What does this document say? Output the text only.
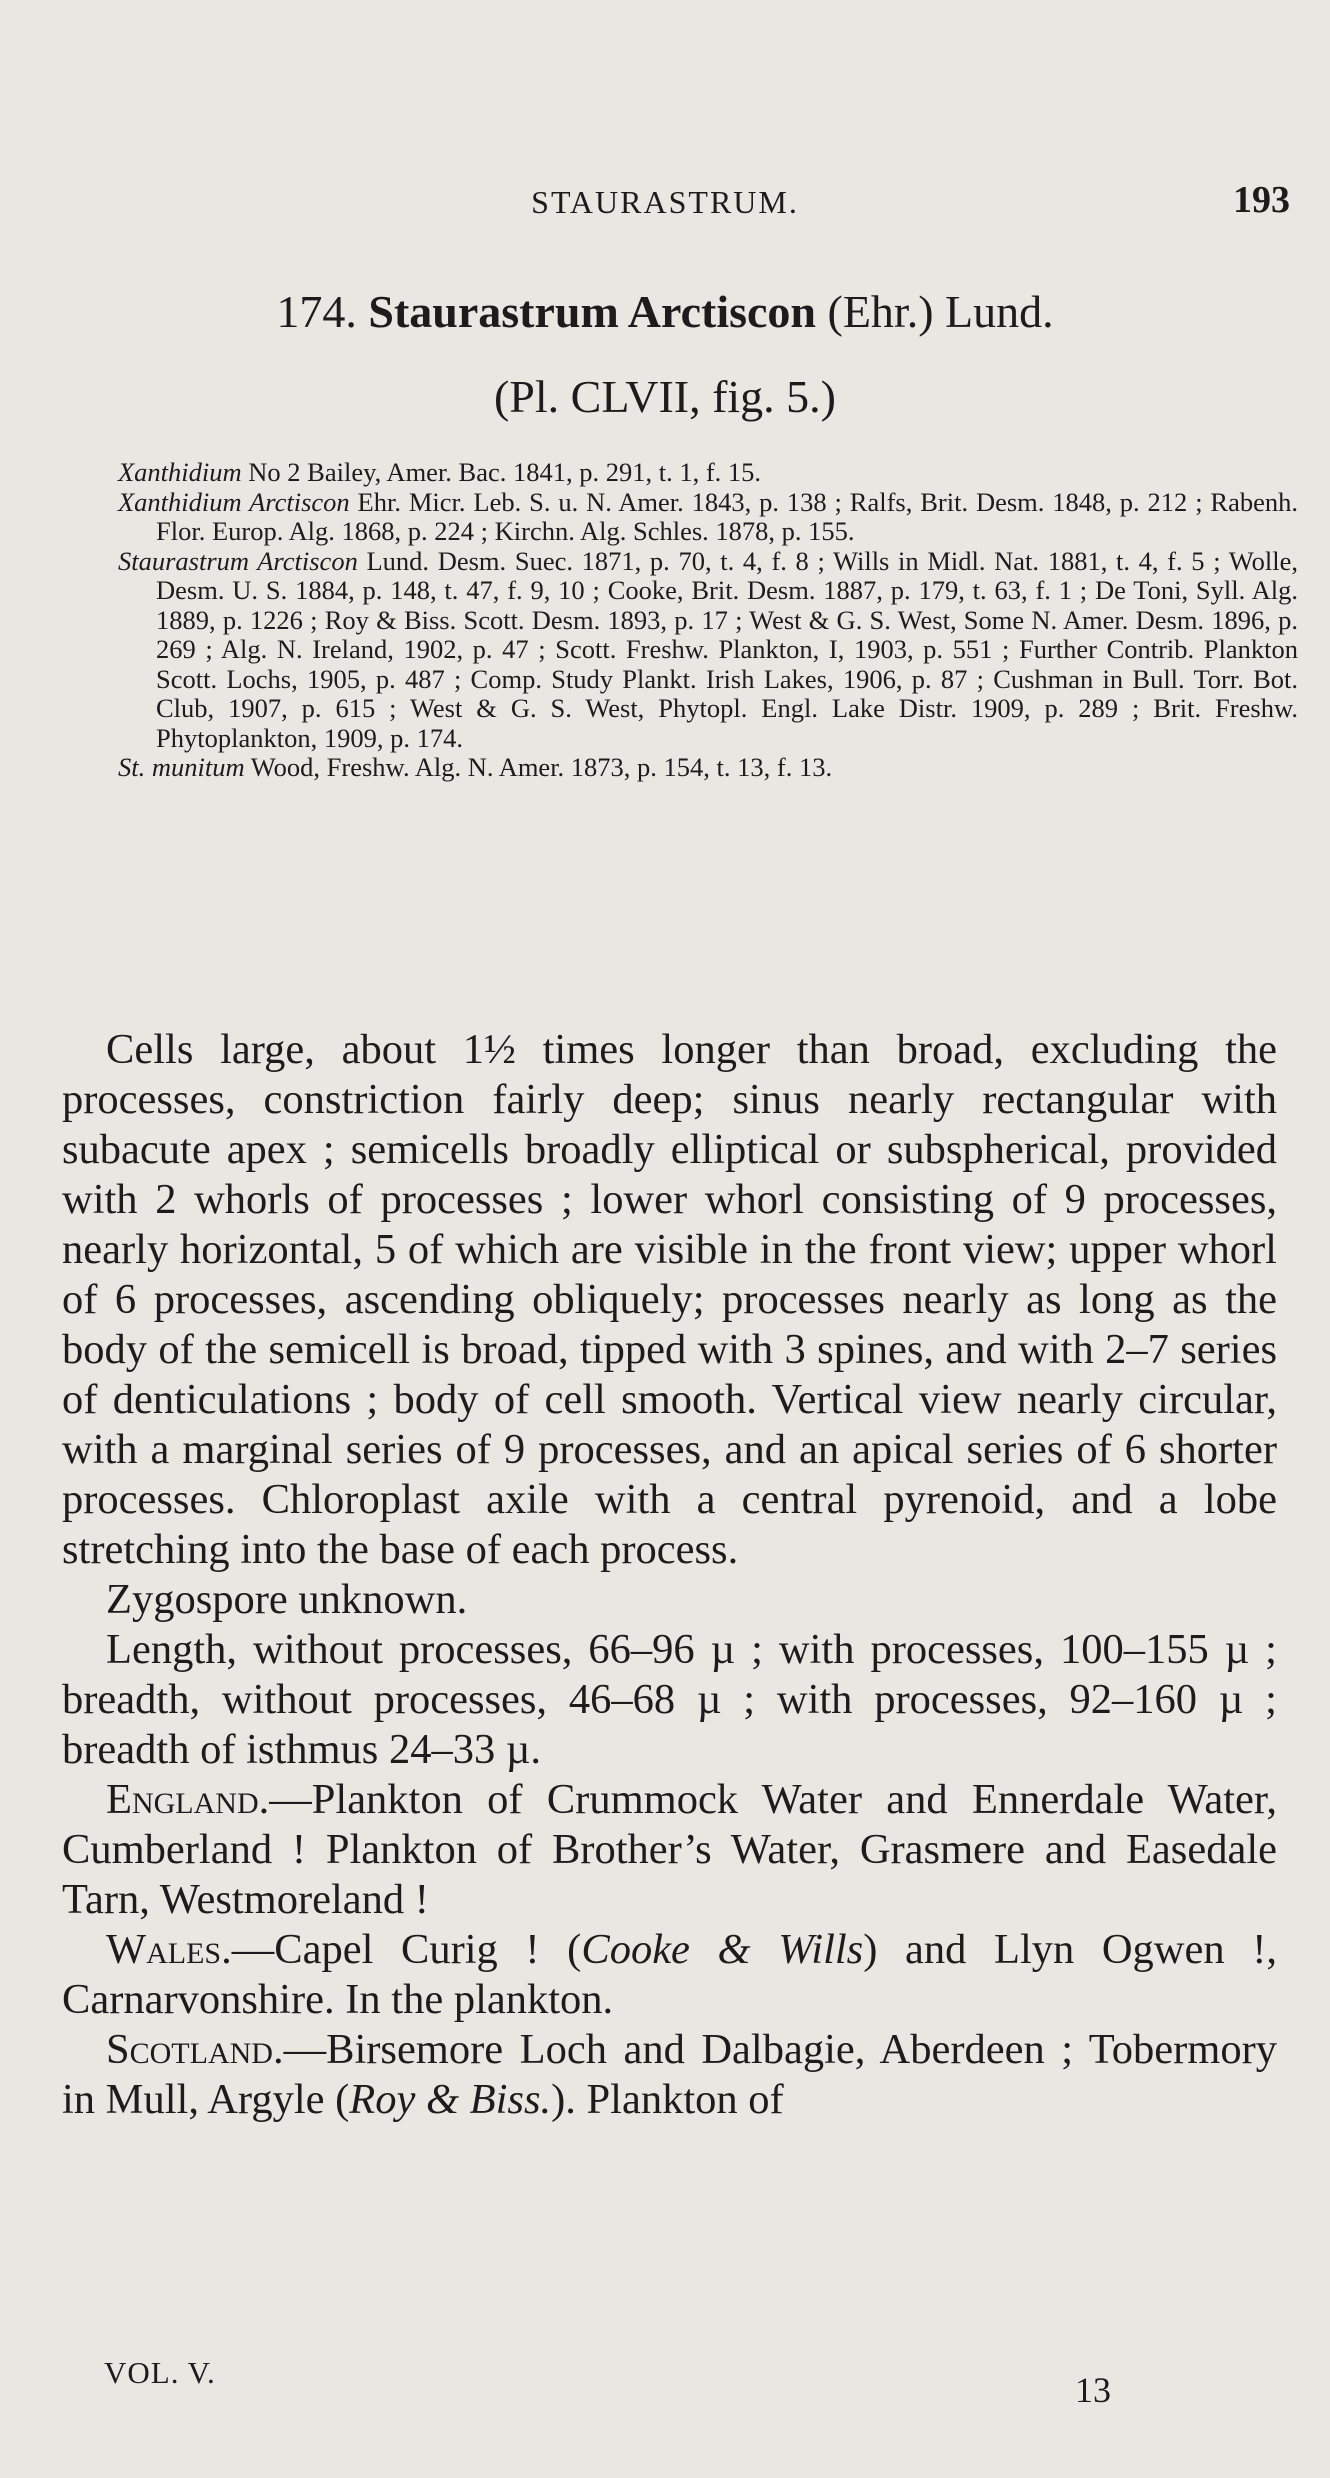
STAURASTRUM.	193
174. Staurastrum Arctiscon (Ehr.) Lund.
(Pl. CLVII, fig. 5.)
Xanthidium No 2 Bailey, Amer. Bac. 1841, p. 291, t. 1, f. 15.
Xanthidium Arctiscon Ehr. Micr. Leb. S. u. N. Amer. 1843, p. 138 ; Ralfs, Brit. Desm. 1848, p. 212 ; Rabenh. Flor. Europ. Alg. 1868, p. 224 ; Kirchn. Alg. Schles. 1878, p. 155.
Staurastrum Arctiscon Lund. Desm. Suec. 1871, p. 70, t. 4, f. 8 ; Wills in Midl. Nat. 1881, t. 4, f. 5 ; Wolle, Desm. U. S. 1884, p. 148, t. 47, f. 9, 10 ; Cooke, Brit. Desm. 1887, p. 179, t. 63, f. 1 ; De Toni, Syll. Alg. 1889, p. 1226 ; Roy & Biss. Scott. Desm. 1893, p. 17 ; West & G. S. West, Some N. Amer. Desm. 1896, p. 269 ; Alg. N. Ireland, 1902, p. 47 ; Scott. Freshw. Plankton, I, 1903, p. 551 ; Further Contrib. Plankton Scott. Lochs, 1905, p. 487 ; Comp. Study Plankt. Irish Lakes, 1906, p. 87 ; Cushman in Bull. Torr. Bot. Club, 1907, p. 615 ; West & G. S. West, Phytopl. Engl. Lake Distr. 1909, p. 289 ; Brit. Freshw. Phytoplankton, 1909, p. 174.
St. munitum Wood, Freshw. Alg. N. Amer. 1873, p. 154, t. 13, f. 13.

Cells large, about 1½ times longer than broad, excluding the processes, constriction fairly deep; sinus nearly rectangular with subacute apex ; semicells broadly elliptical or subspherical, provided with 2 whorls of processes ; lower whorl consisting of 9 processes, nearly horizontal, 5 of which are visible in the front view; upper whorl of 6 processes, ascending obliquely; processes nearly as long as the body of the semicell is broad, tipped with 3 spines, and with 2–7 series of denticulations ; body of cell smooth. Vertical view nearly circular, with a marginal series of 9 processes, and an apical series of 6 shorter processes. Chloroplast axile with a central pyrenoid, and a lobe stretching into the base of each process.

Zygospore unknown.

Length, without processes, 66–96 µ ; with processes, 100–155 µ ; breadth, without processes, 46–68 µ ; with processes, 92–160 µ ; breadth of isthmus 24–33 µ.

England.—Plankton of Crummock Water and Ennerdale Water, Cumberland ! Plankton of Brother’s Water, Grasmere and Easedale Tarn, Westmoreland !

Wales.—Capel Curig ! (Cooke & Wills) and Llyn Ogwen !, Carnarvonshire. In the plankton.

Scotland.—Birsemore Loch and Dalbagie, Aberdeen ; Tobermory in Mull, Argyle (Roy & Biss.). Plankton of

VOL. V.	13
